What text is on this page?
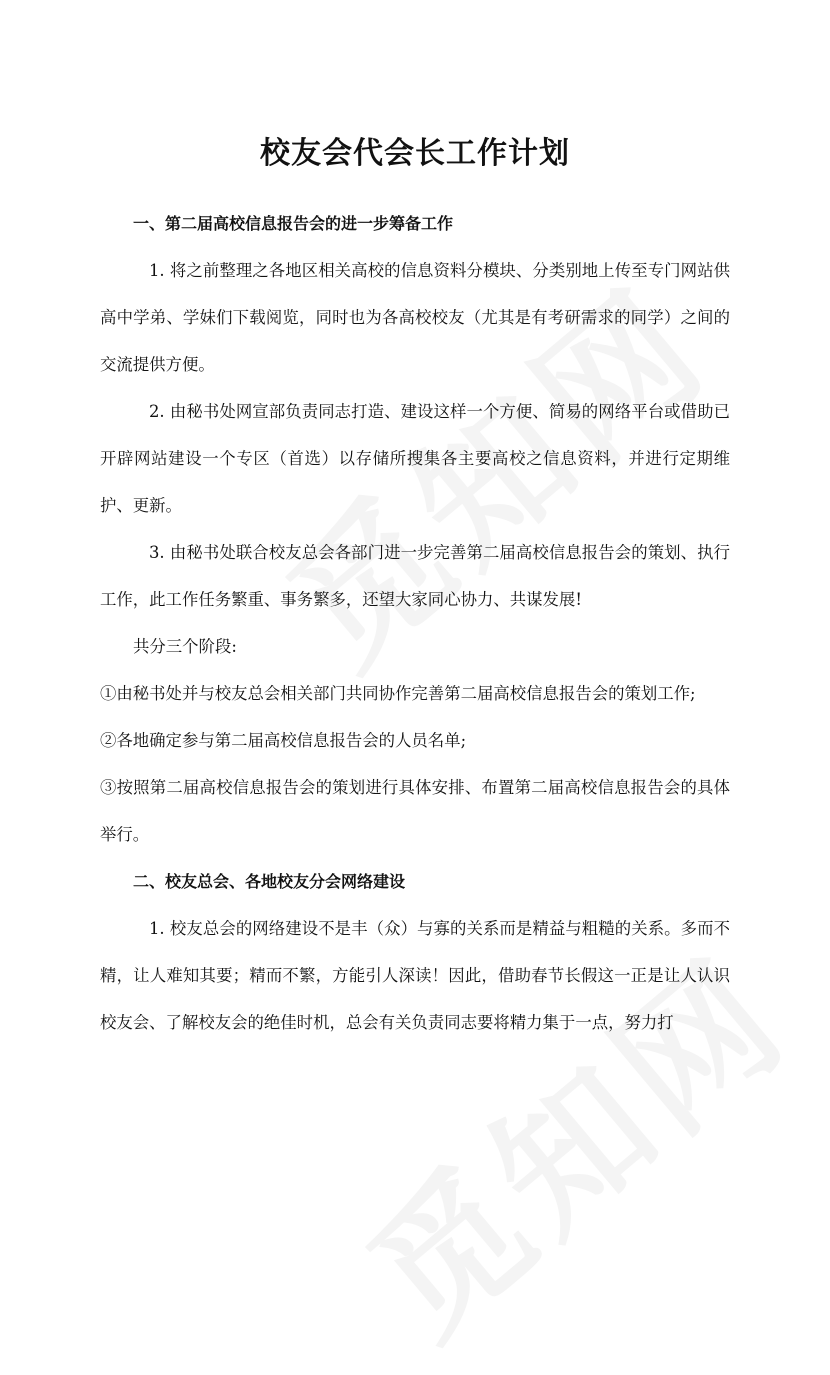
校友会代会长工作计划

一、第二届高校信息报告会的进一步筹备工作

1. 将之前整理之各地区相关高校的信息资料分模块、分类别地上传至专门网站供高中学弟、学妹们下载阅览，同时也为各高校校友（尤其是有考研需求的同学）之间的交流提供方便。

2. 由秘书处网宣部负责同志打造、建设这样一个方便、简易的网络平台或借助已开辟网站建设一个专区（首选）以存储所搜集各主要高校之信息资料，并进行定期维护、更新。

3. 由秘书处联合校友总会各部门进一步完善第二届高校信息报告会的策划、执行工作，此工作任务繁重、事务繁多，还望大家同心协力、共谋发展!

共分三个阶段:

①由秘书处并与校友总会相关部门共同协作完善第二届高校信息报告会的策划工作;

②各地确定参与第二届高校信息报告会的人员名单;

③按照第二届高校信息报告会的策划进行具体安排、布置第二届高校信息报告会的具体举行。

二、校友总会、各地校友分会网络建设

1. 校友总会的网络建设不是丰（众）与寡的关系而是精益与粗糙的关系。多而不精，让人难知其要；精而不繁，方能引人深读！因此，借助春节长假这一正是让人认识校友会、了解校友会的绝佳时机，总会有关负责同志要将精力集于一点，努力打
